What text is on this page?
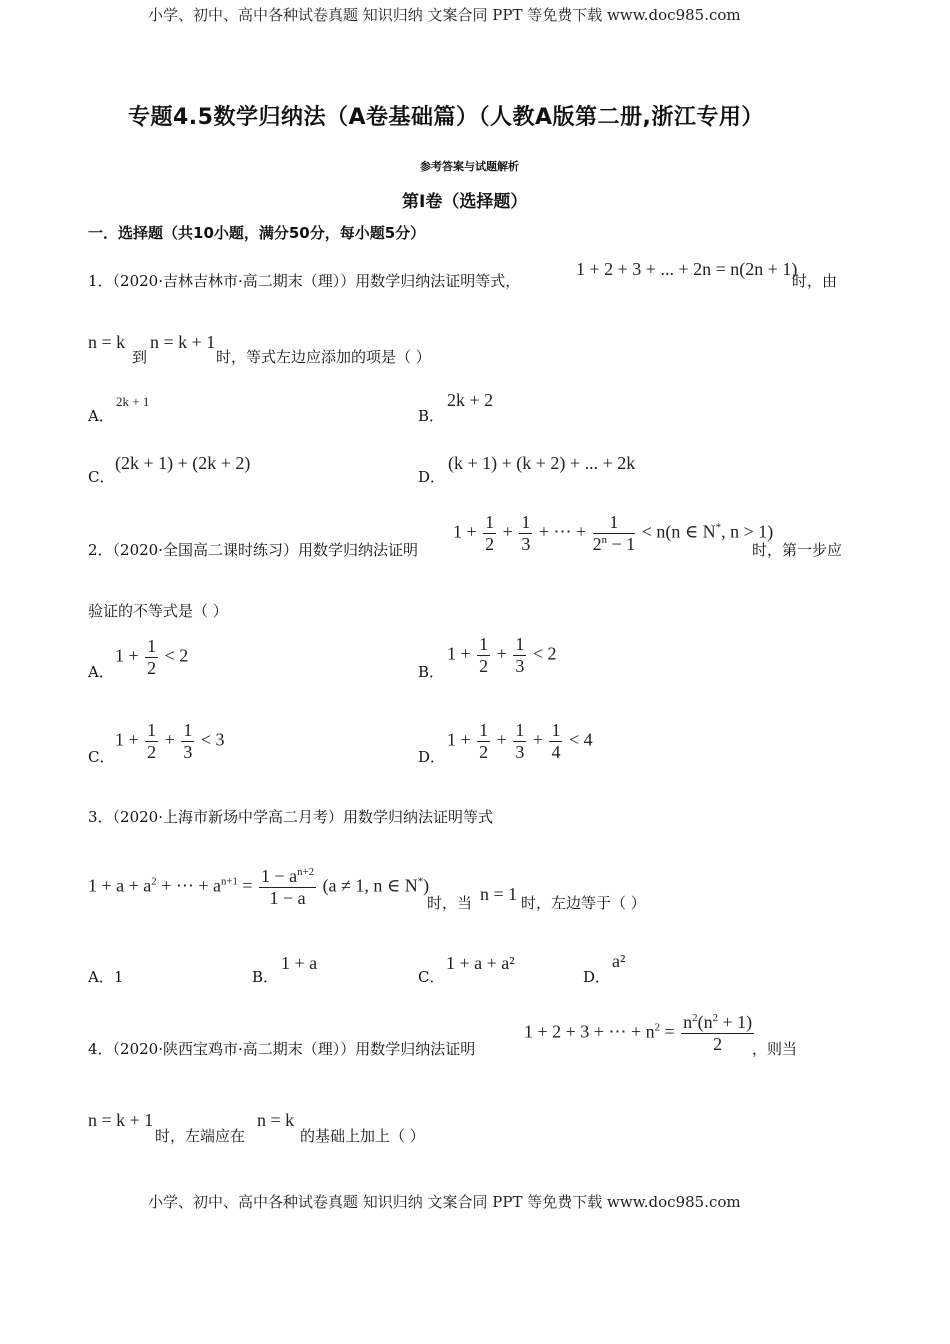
小学、初中、高中各种试卷真题 知识归纳 文案合同 PPT 等免费下载 www.doc985.com
专题4.5数学归纳法（A卷基础篇）（人教A版第二册,浙江专用）
参考答案与试题解析
第Ⅰ卷（选择题）
一．选择题（共10小题，满分50分，每小题5分）
1．（2020·吉林吉林市·高二期末（理））用数学归纳法证明等式，
1 + 2 + 3 + ... + 2n = n(2n + 1)
时，由
n = k
到
n = k + 1
时，等式左边应添加的项是（ ）
A．
2k + 1
B．
2k + 2
C．
(2k + 1) + (2k + 2)
D．
(k + 1) + (k + 2) + ... + 2k
2．（2020·全国高二课时练习）用数学归纳法证明
$1 + \frac{1}{2} + \frac{1}{3}$ + ⋯ + $\frac{1}{2^n - 1} < n(n$ ∈ N*, n > 1)
时，第一步应
验证的不等式是（ ）
A．
$1 + \frac{1}{2} < 2$
B．
$1 + \frac{1}{2} + \frac{1}{3} < 2$
C．
$1 + \frac{1}{2} + \frac{1}{3} < 3$
D．
$1 + \frac{1}{2} + \frac{1}{3} + \frac{1}{4} < 4$
3．（2020·上海市新场中学高二月考）用数学归纳法证明等式
$1 + a + a^2$ + ⋯ + $a^{n+1} = \frac{1 - a^{n+2}}{1 - a} (a \ne 1$, n ∈ N*)
时，当 n = 1 时，左边等于（ ）
A．1	B．
1 + a
C．
1 + a + a²
D．
a²
4．（2020·陕西宝鸡市·高二期末（理））用数学归纳法证明
1 + 2 + 3 + ⋯ + $n^2 = \frac{n^2(n^2 + 1)}{2}$
，则当
n = k + 1
时，左端应在
n = k
的基础上加上（ ）
小学、初中、高中各种试卷真题 知识归纳 文案合同 PPT 等免费下载 www.doc985.com
